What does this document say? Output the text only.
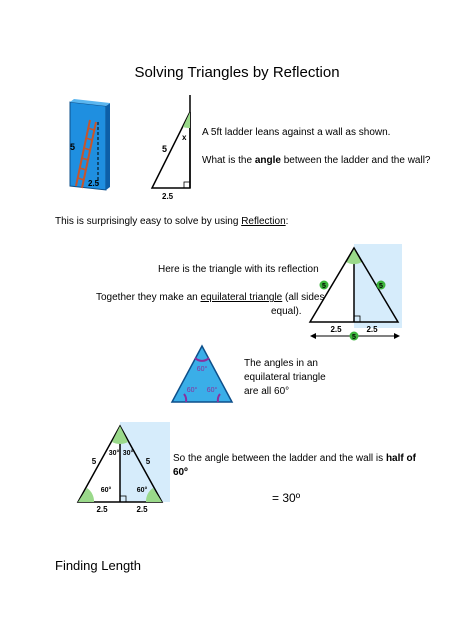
Solving Triangles by Reflection
5
2.5
x
5
2.5
A 5ft ladder leans against a wall as shown.
What is the angle between the ladder and the wall?
This is surprisingly easy to solve by using Reflection:
Here is the triangle with its reflection
Together they make an equilateral triangle (all sides
equal).
5	5
2.5	2.5
5
60°
60° 60°
The angles in an
equilateral triangle
are all 60°
30° 30°
5	5
60°	60°
2.5	2.5
So the angle between the ladder and the wall is half of
60º
= 30º
Finding Length
